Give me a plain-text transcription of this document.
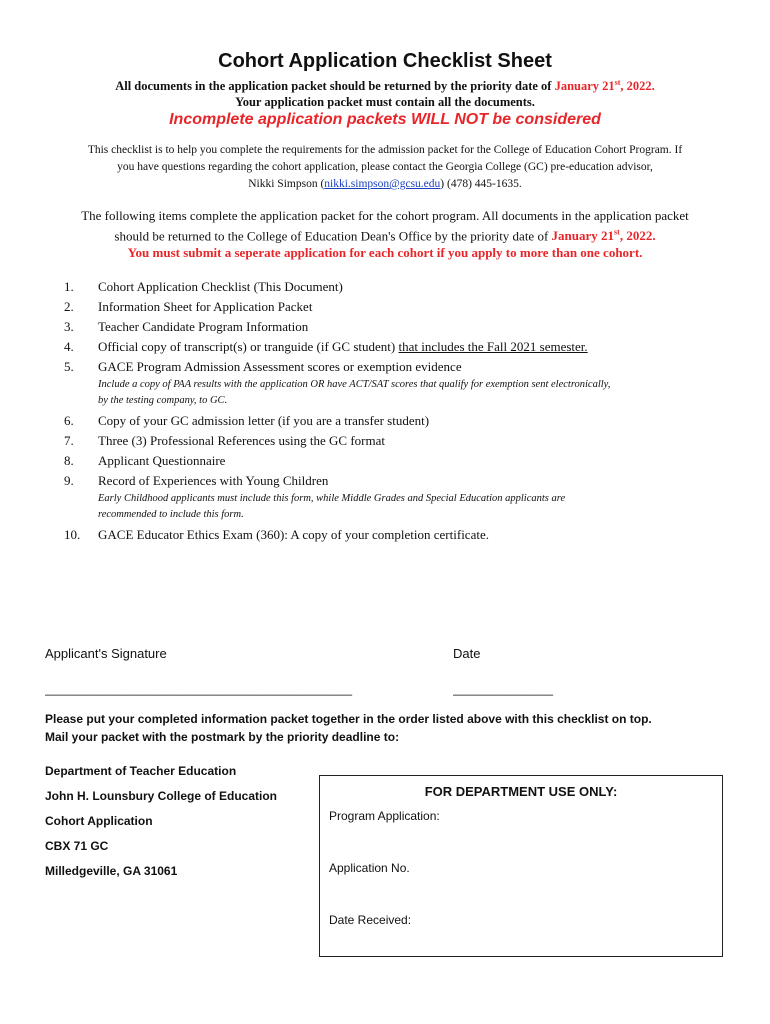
Cohort Application Checklist Sheet
All documents in the application packet should be returned by the priority date of January 21st, 2022.
Your application packet must contain all the documents.
Incomplete application packets WILL NOT be considered
This checklist is to help you complete the requirements for the admission packet for the College of Education Cohort Program. If
you have questions regarding the cohort application, please contact the Georgia College (GC) pre-education advisor,
Nikki Simpson (nikki.simpson@gcsu.edu) (478) 445-1635.
The following items complete the application packet for the cohort program. All documents in the application packet
should be returned to the College of Education Dean's Office by the priority date of January 21st, 2022.
You must submit a seperate application for each cohort if you apply to more than one cohort.
1. Cohort Application Checklist (This Document)
2. Information Sheet for Application Packet
3. Teacher Candidate Program Information
4. Official copy of transcript(s) or tranguide (if GC student) that includes the Fall 2021 semester.
5. GACE Program Admission Assessment scores or exemption evidence
Include a copy of PAA results with the application OR have ACT/SAT scores that qualify for exemption sent electronically,
by the testing company, to GC.
6. Copy of your GC admission letter (if you are a transfer student)
7. Three (3) Professional References using the GC format
8. Applicant Questionnaire
9. Record of Experiences with Young Children
Early Childhood applicants must include this form, while Middle Grades and Special Education applicants are
recommended to include this form.
10. GACE Educator Ethics Exam (360): A copy of your completion certificate.
Applicant's Signature	Date
______________________________________________	_______________
Please put your completed information packet together in the order listed above with this checklist on top.
Mail your packet with the postmark by the priority deadline to:
Department of Teacher Education
John H. Lounsbury College of Education
Cohort Application
CBX 71 GC
Milledgeville, GA 31061
FOR DEPARTMENT USE ONLY:
Program Application:
Application No.
Date Received:
